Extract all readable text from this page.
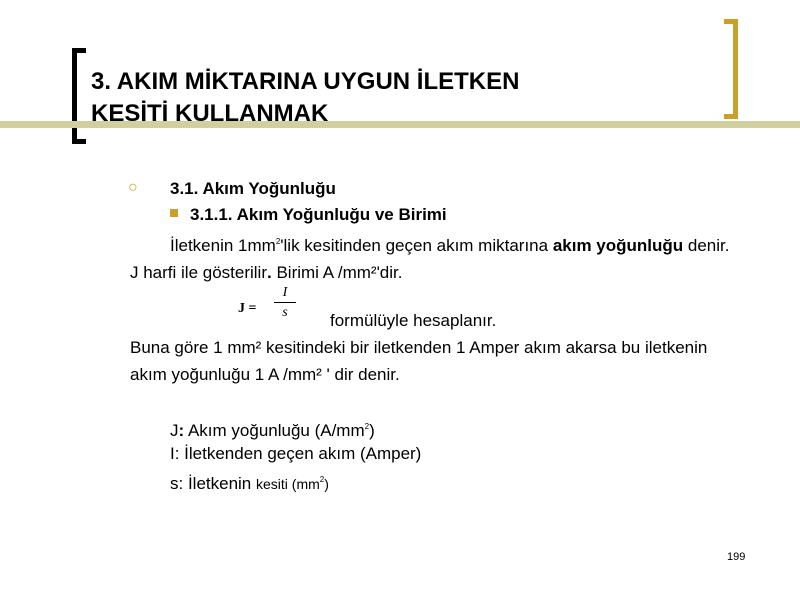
3. AKIM MİKTARINA UYGUN İLETKEN
KESİTİ KULLANMAK
○ 3.1. Akım Yoğunluğu
3.1.1. Akım Yoğunluğu ve Birimi
İletkenin $1mm^2'lik$ kesitinden geçen akım miktarına akım yoğunluğu denir. J harfi ile gösterilir. Birimi A /mm²'dir.
$J = \frac{I}{s}$ formülüyle hesaplanır.
Buna göre 1 mm² kesitindeki bir iletkenden 1 Amper akım akarsa bu iletkenin akım yoğunluğu 1 A /mm² ' dir denir.
J: Akım yoğunluğu $(A/mm^2)$
I: İletkenden geçen akım (Amper)
s: İletkenin kesiti $(mm^2)$
199
